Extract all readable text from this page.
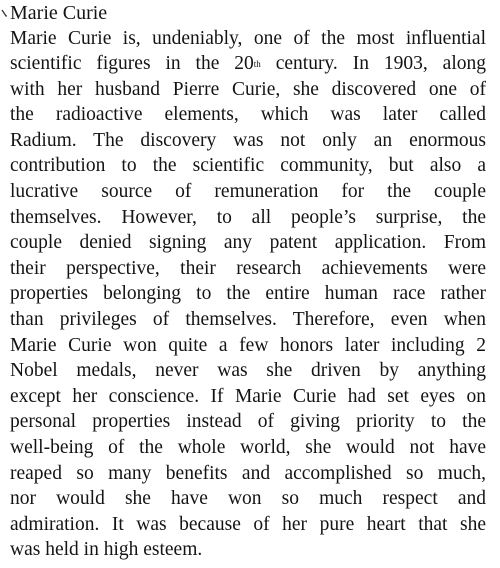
Marie Curie
Marie Curie is, undeniably, one of the most influential
scientific figures in the 20th century. In 1903, along
with her husband Pierre Curie, she discovered one of
the radioactive elements, which was later called
Radium. The discovery was not only an enormous
contribution to the scientific community, but also a
lucrative source of remuneration for the couple
themselves. However, to all people’s surprise, the
couple denied signing any patent application. From
their perspective, their research achievements were
properties belonging to the entire human race rather
than privileges of themselves. Therefore, even when
Marie Curie won quite a few honors later including 2
Nobel medals, never was she driven by anything
except her conscience. If Marie Curie had set eyes on
personal properties instead of giving priority to the
well-being of the whole world, she would not have
reaped so many benefits and accomplished so much,
nor would she have won so much respect and
admiration. It was because of her pure heart that she
was held in high esteem.
